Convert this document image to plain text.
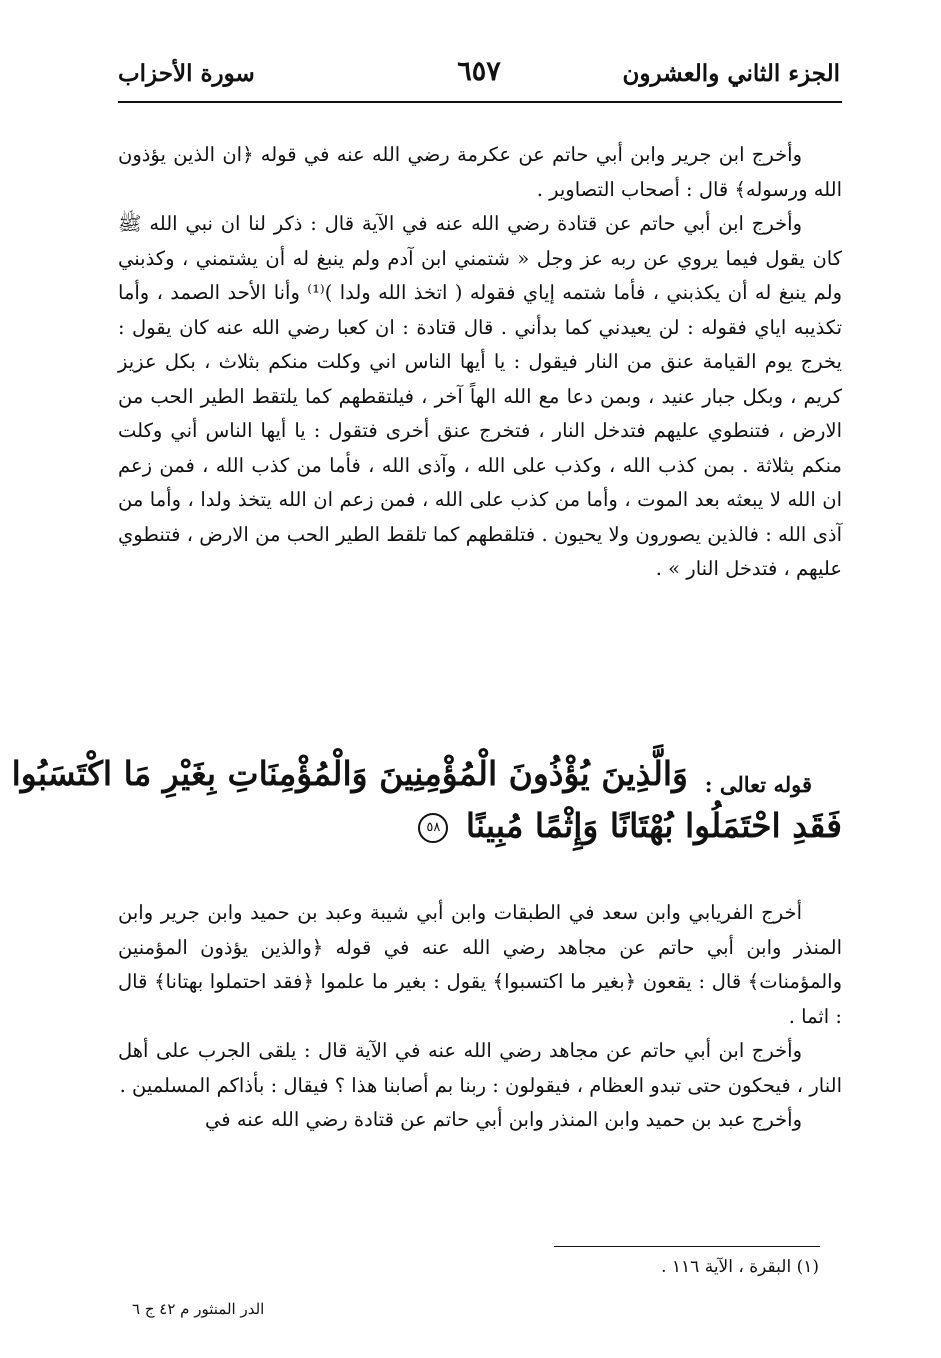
الجزء الثاني والعشرون
٦٥٧
سورة الأحزاب

وأخرج ابن جرير وابن أبي حاتم عن عكرمة رضي الله عنه في قوله ﴿ان الذين يؤذون الله ورسوله﴾ قال : أصحاب التصاوير .

وأخرج ابن أبي حاتم عن قتادة رضي الله عنه في الآية قال : ذكر لنا ان نبي الله ﷺ كان يقول فيما يروي عن ربه عز وجل « شتمني ابن آدم ولم ينبغ له أن يشتمني ، وكذبني ولم ينبغ له أن يكذبني ، فأما شتمه إياي فقوله ( اتخذ الله ولدا )⁽¹⁾ وأنا الأحد الصمد ، وأما تكذيبه اياي فقوله : لن يعيدني كما بدأني . قال قتادة : ان كعبا رضي الله عنه كان يقول : يخرج يوم القيامة عنق من النار فيقول : يا أيها الناس اني وكلت منكم بثلاث ، بكل عزيز كريم ، وبكل جبار عنيد ، وبمن دعا مع الله الهاً آخر ، فيلتقطهم كما يلتقط الطير الحب من الارض ، فتنطوي عليهم فتدخل النار ، فتخرج عنق أخرى فتقول : يا أيها الناس أني وكلت منكم بثلاثة . بمن كذب الله ، وكذب على الله ، وآذى الله ، فأما من كذب الله ، فمن زعم ان الله لا يبعثه بعد الموت ، وأما من كذب على الله ، فمن زعم ان الله يتخذ ولدا ، وأما من آذى الله : فالذين يصورون ولا يحيون . فتلقطهم كما تلقط الطير الحب من الارض ، فتنطوي عليهم ، فتدخل النار » .

قوله تعالى :
وَالَّذِينَ يُؤْذُونَ الْمُؤْمِنِينَ وَالْمُؤْمِنَاتِ بِغَيْرِ مَا اكْتَسَبُوا
فَقَدِ احْتَمَلُوا بُهْتَانًا وَإِثْمًا مُبِينًا ٥٨

أخرج الفريابي وابن سعد في الطبقات وابن أبي شيبة وعبد بن حميد وابن جرير وابن المنذر وابن أبي حاتم عن مجاهد رضي الله عنه في قوله ﴿والذين يؤذون المؤمنين والمؤمنات﴾ قال : يقعون ﴿بغير ما اكتسبوا﴾ يقول : بغير ما علموا ﴿فقد احتملوا بهتانا﴾ قال : اثما .

وأخرج ابن أبي حاتم عن مجاهد رضي الله عنه في الآية قال : يلقى الجرب على أهل النار ، فيحكون حتى تبدو العظام ، فيقولون : ربنا بم أصابنا هذا ؟ فيقال : بأذاكم المسلمين .

وأخرج عبد بن حميد وابن المنذر وابن أبي حاتم عن قتادة رضي الله عنه في

(١) البقرة ، الآية ١١٦ .
الدر المنثور م ٤٢ ج ٦
